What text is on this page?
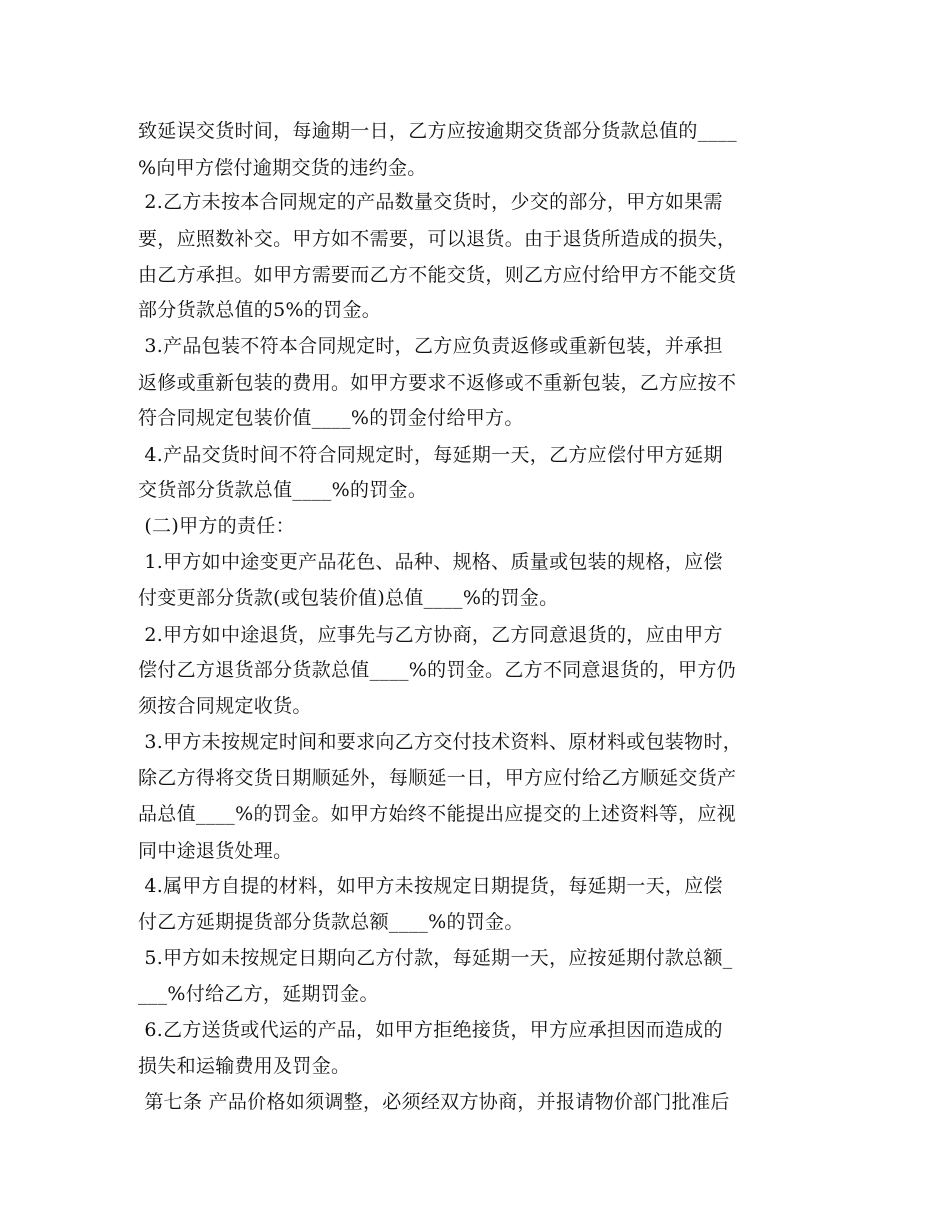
致延误交货时间，每逾期一日，乙方应按逾期交货部分货款总值的____
%向甲方偿付逾期交货的违约金。
2.乙方未按本合同规定的产品数量交货时，少交的部分，甲方如果需
要，应照数补交。甲方如不需要，可以退货。由于退货所造成的损失，
由乙方承担。如甲方需要而乙方不能交货，则乙方应付给甲方不能交货
部分货款总值的5%的罚金。
3.产品包装不符本合同规定时，乙方应负责返修或重新包装，并承担
返修或重新包装的费用。如甲方要求不返修或不重新包装，乙方应按不
符合同规定包装价值____%的罚金付给甲方。
4.产品交货时间不符合同规定时，每延期一天，乙方应偿付甲方延期
交货部分货款总值____%的罚金。
(二)甲方的责任：
1.甲方如中途变更产品花色、品种、规格、质量或包装的规格，应偿
付变更部分货款(或包装价值)总值____%的罚金。
2.甲方如中途退货，应事先与乙方协商，乙方同意退货的，应由甲方
偿付乙方退货部分货款总值____%的罚金。乙方不同意退货的，甲方仍
须按合同规定收货。
3.甲方未按规定时间和要求向乙方交付技术资料、原材料或包装物时，
除乙方得将交货日期顺延外，每顺延一日，甲方应付给乙方顺延交货产
品总值____%的罚金。如甲方始终不能提出应提交的上述资料等，应视
同中途退货处理。
4.属甲方自提的材料，如甲方未按规定日期提货，每延期一天，应偿
付乙方延期提货部分货款总额____%的罚金。
5.甲方如未按规定日期向乙方付款，每延期一天，应按延期付款总额_
___%付给乙方，延期罚金。
6.乙方送货或代运的产品，如甲方拒绝接货，甲方应承担因而造成的
损失和运输费用及罚金。
第七条 产品价格如须调整，必须经双方协商，并报请物价部门批准后
